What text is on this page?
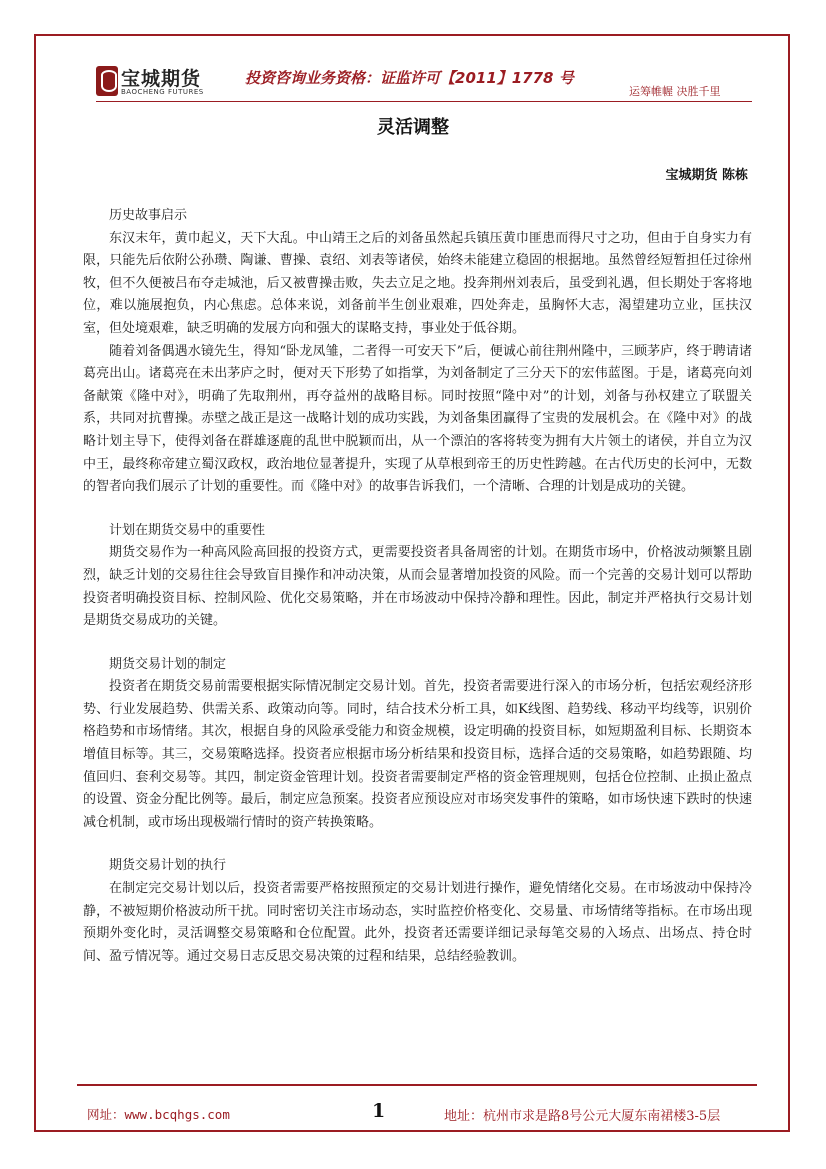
宝城期货
BAOCHENG FUTURES
投资咨询业务资格：证监许可【2011】1778 号
运筹帷幄 决胜千里
灵活调整
宝城期货 陈栋

历史故事启示

东汉末年，黄巾起义，天下大乱。中山靖王之后的刘备虽然起兵镇压黄巾匪患而得尺寸之功，但由于自身实力有限，只能先后依附公孙瓒、陶谦、曹操、袁绍、刘表等诸侯，始终未能建立稳固的根据地。虽然曾经短暂担任过徐州牧，但不久便被吕布夺走城池，后又被曹操击败，失去立足之地。投奔荆州刘表后，虽受到礼遇，但长期处于客将地位，难以施展抱负，内心焦虑。总体来说，刘备前半生创业艰难，四处奔走，虽胸怀大志，渴望建功立业，匡扶汉室，但处境艰难，缺乏明确的发展方向和强大的谋略支持，事业处于低谷期。

随着刘备偶遇水镜先生，得知“卧龙凤雏，二者得一可安天下”后，便诚心前往荆州隆中，三顾茅庐，终于聘请诸葛亮出山。诸葛亮在未出茅庐之时，便对天下形势了如指掌，为刘备制定了三分天下的宏伟蓝图。于是，诸葛亮向刘备献策《隆中对》，明确了先取荆州，再夺益州的战略目标。同时按照“隆中对”的计划，刘备与孙权建立了联盟关系，共同对抗曹操。赤壁之战正是这一战略计划的成功实践，为刘备集团赢得了宝贵的发展机会。在《隆中对》的战略计划主导下，使得刘备在群雄逐鹿的乱世中脱颖而出，从一个漂泊的客将转变为拥有大片领土的诸侯，并自立为汉中王，最终称帝建立蜀汉政权，政治地位显著提升，实现了从草根到帝王的历史性跨越。在古代历史的长河中，无数的智者向我们展示了计划的重要性。而《隆中对》的故事告诉我们，一个清晰、合理的计划是成功的关键。

计划在期货交易中的重要性

期货交易作为一种高风险高回报的投资方式，更需要投资者具备周密的计划。在期货市场中，价格波动频繁且剧烈，缺乏计划的交易往往会导致盲目操作和冲动决策，从而会显著增加投资的风险。而一个完善的交易计划可以帮助投资者明确投资目标、控制风险、优化交易策略，并在市场波动中保持冷静和理性。因此，制定并严格执行交易计划是期货交易成功的关键。

期货交易计划的制定

投资者在期货交易前需要根据实际情况制定交易计划。首先，投资者需要进行深入的市场分析，包括宏观经济形势、行业发展趋势、供需关系、政策动向等。同时，结合技术分析工具，如K线图、趋势线、移动平均线等，识别价格趋势和市场情绪。其次，根据自身的风险承受能力和资金规模，设定明确的投资目标，如短期盈利目标、长期资本增值目标等。其三，交易策略选择。投资者应根据市场分析结果和投资目标，选择合适的交易策略，如趋势跟随、均值回归、套利交易等。其四，制定资金管理计划。投资者需要制定严格的资金管理规则，包括仓位控制、止损止盈点的设置、资金分配比例等。最后，制定应急预案。投资者应预设应对市场突发事件的策略，如市场快速下跌时的快速减仓机制，或市场出现极端行情时的资产转换策略。

期货交易计划的执行

在制定完交易计划以后，投资者需要严格按照预定的交易计划进行操作，避免情绪化交易。在市场波动中保持冷静，不被短期价格波动所干扰。同时密切关注市场动态，实时监控价格变化、交易量、市场情绪等指标。在市场出现预期外变化时，灵活调整交易策略和仓位配置。此外，投资者还需要详细记录每笔交易的入场点、出场点、持仓时间、盈亏情况等。通过交易日志反思交易决策的过程和结果，总结经验教训。

网址：www.bcqhgs.com	1	地址：杭州市求是路8号公元大厦东南裙楼3-5层
